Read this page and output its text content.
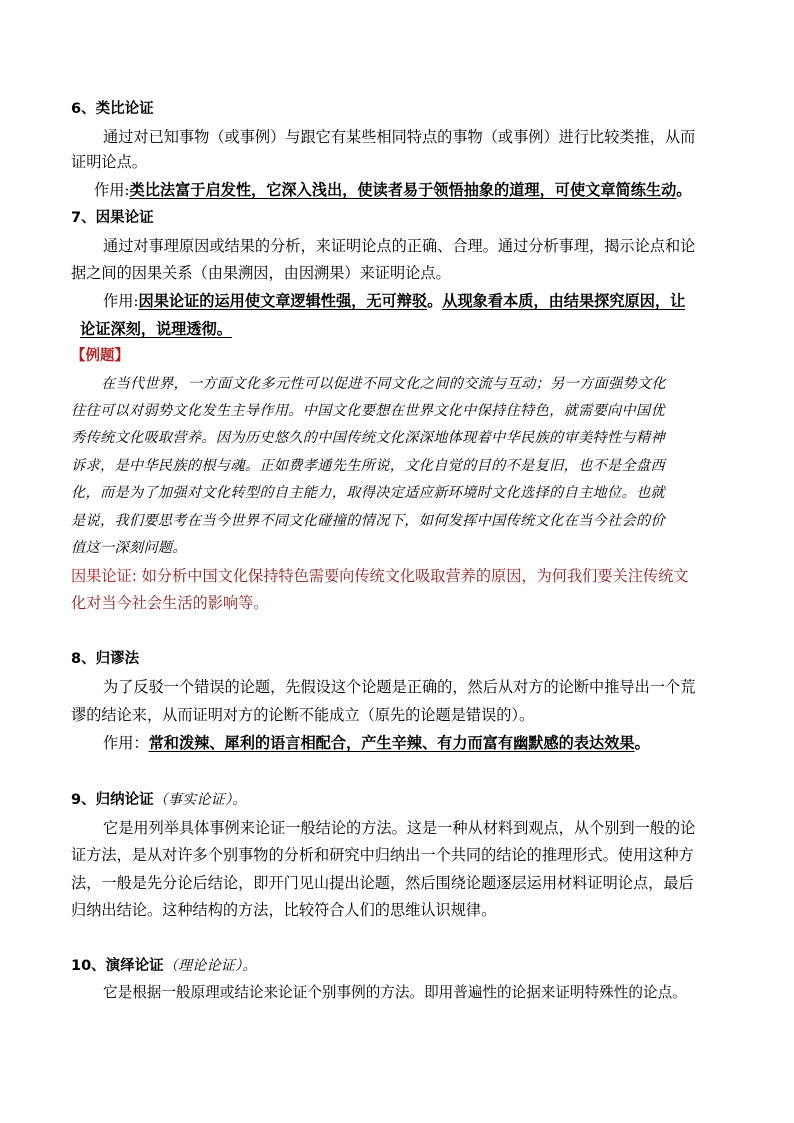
6、类比论证
通过对已知事物（或事例）与跟它有某些相同特点的事物（或事例）进行比较类推，从而
证明论点。
作用:类比法富于启发性，它深入浅出，使读者易于领悟抽象的道理，可使文章简练生动。
7、因果论证
通过对事理原因或结果的分析，来证明论点的正确、合理。通过分析事理，揭示论点和论
据之间的因果关系（由果溯因，由因溯果）来证明论点。
作用:因果论证的运用使文章逻辑性强，无可辩驳。从现象看本质，由结果探究原因，让
论证深刻，说理透彻。
【例题】
在当代世界，一方面文化多元性可以促进不同文化之间的交流与互动；另一方面强势文化
往往可以对弱势文化发生主导作用。中国文化要想在世界文化中保持住特色，就需要向中国优
秀传统文化吸取营养。因为历史悠久的中国传统文化深深地体现着中华民族的审美特性与精神
诉求，是中华民族的根与魂。正如费孝通先生所说，文化自觉的目的不是复旧，也不是全盘西
化，而是为了加强对文化转型的自主能力，取得决定适应新环境时文化选择的自主地位。也就
是说，我们要思考在当今世界不同文化碰撞的情况下，如何发挥中国传统文化在当今社会的价
值这一深刻问题。
因果论证: 如分析中国文化保持特色需要向传统文化吸取营养的原因，为何我们要关注传统文
化对当今社会生活的影响等。
8、归谬法
为了反驳一个错误的论题，先假设这个论题是正确的，然后从对方的论断中推导出一个荒
谬的结论来，从而证明对方的论断不能成立（原先的论题是错误的）。
作用：常和泼辣、犀利的语言相配合，产生辛辣、有力而富有幽默感的表达效果。
9、归纳论证（事实论证）。
它是用列举具体事例来论证一般结论的方法。这是一种从材料到观点，从个别到一般的论
证方法，是从对许多个别事物的分析和研究中归纳出一个共同的结论的推理形式。使用这种方
法，一般是先分论后结论，即开门见山提出论题，然后围绕论题逐层运用材料证明论点，最后
归纳出结论。这种结构的方法，比较符合人们的思维认识规律。
10、演绎论证（理论论证）。
它是根据一般原理或结论来论证个别事例的方法。即用普遍性的论据来证明特殊性的论点。
